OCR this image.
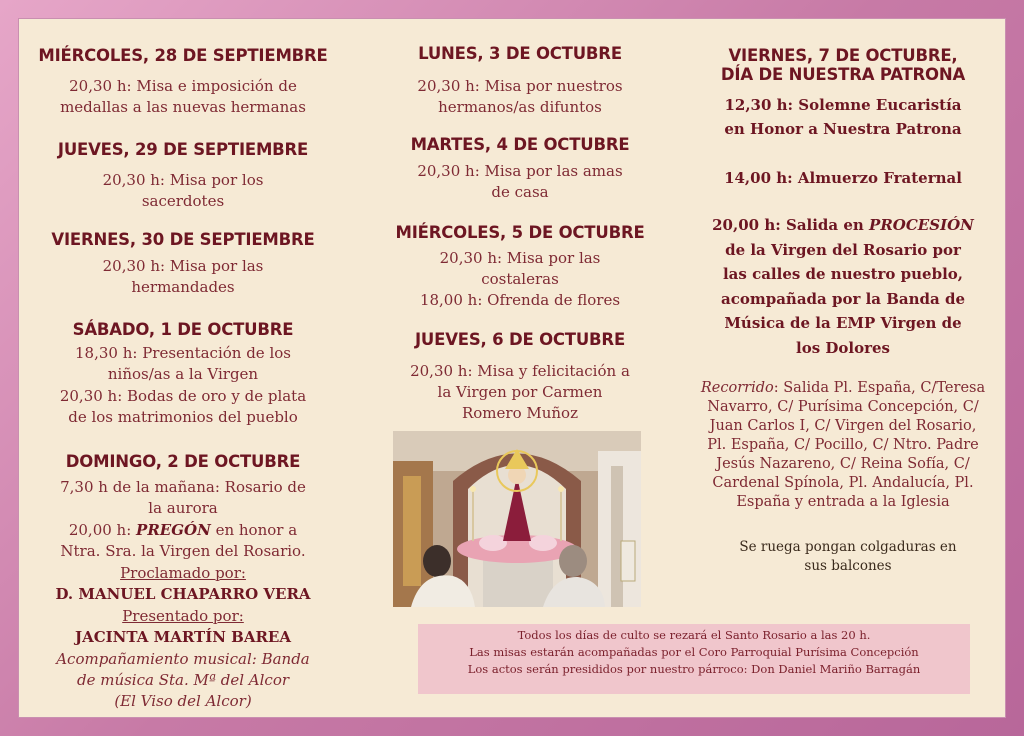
MIÉRCOLES, 28 DE SEPTIEMBRE
20,30 h: Misa e imposición de
medallas a las nuevas hermanas
JUEVES, 29 DE SEPTIEMBRE
20,30 h: Misa por los
sacerdotes
VIERNES, 30 DE SEPTIEMBRE
20,30 h: Misa por las
hermandades
SÁBADO, 1 DE OCTUBRE
18,30 h: Presentación de los
niños/as a la Virgen
20,30 h: Bodas de oro y de plata
de los matrimonios del pueblo
DOMINGO, 2 DE OCTUBRE
7,30 h de la mañana: Rosario de
la aurora
20,00 h: PREGÓN en honor a
Ntra. Sra. la Virgen del Rosario.
Proclamado por:
D. MANUEL CHAPARRO VERA
Presentado por:
JACINTA MARTÍN BAREA
Acompañamiento musical: Banda
de música Sta. Mª del Alcor
(El Viso del Alcor)
LUNES, 3 DE OCTUBRE
20,30 h: Misa por nuestros
hermanos/as difuntos
MARTES, 4 DE OCTUBRE
20,30 h: Misa por las amas
de casa
MIÉRCOLES, 5 DE OCTUBRE
20,30 h: Misa por las
costaleras
18,00 h: Ofrenda de flores
JUEVES, 6 DE OCTUBRE
20,30 h: Misa y felicitación a
la Virgen por Carmen
Romero Muñoz
VIERNES, 7 DE OCTUBRE,
DÍA DE NUESTRA PATRONA
12,30 h: Solemne Eucaristía
en Honor a Nuestra Patrona
14,00 h: Almuerzo Fraternal
20,00 h: Salida en PROCESIÓN
de la Virgen del Rosario por
las calles de nuestro pueblo,
acompañada por la Banda de
Música de la EMP Virgen de
los Dolores
Recorrido: Salida Pl. España, C/Teresa
Navarro, C/ Purísima Concepción, C/
Juan Carlos I, C/ Virgen del Rosario,
Pl. España, C/ Pocillo, C/ Ntro. Padre
Jesús Nazareno, C/ Reina Sofía, C/
Cardenal Spínola, Pl. Andalucía, Pl.
España y entrada a la Iglesia
Se ruega pongan colgaduras en
sus balcones
Todos los días de culto se rezará el Santo Rosario a las 20 h.
Las misas estarán acompañadas por el Coro Parroquial Purísima Concepción
Los actos serán presididos por nuestro párroco: Don Daniel Mariño Barragán
